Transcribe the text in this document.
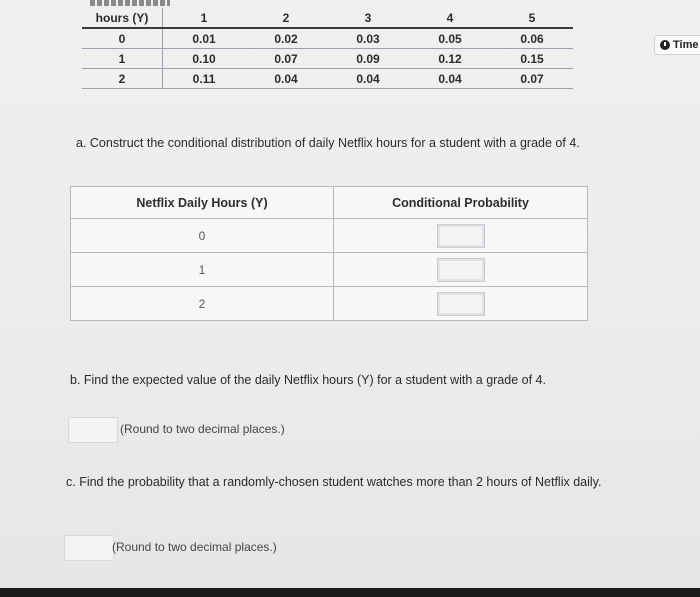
hours (Y)	1	2	3	4	5
0	0.01	0.02	0.03	0.05	0.06
1	0.10	0.07	0.09	0.12	0.15
2	0.11	0.04	0.04	0.04	0.07
Time
a. Construct the conditional distribution of daily Netflix hours for a student with a grade of 4.
Netflix Daily Hours (Y)	Conditional Probability
0	
1	
2	
b. Find the expected value of the daily Netflix hours (Y) for a student with a grade of 4.
(Round to two decimal places.)
c. Find the probability that a randomly-chosen student watches more than 2 hours of Netflix daily.
(Round to two decimal places.)
